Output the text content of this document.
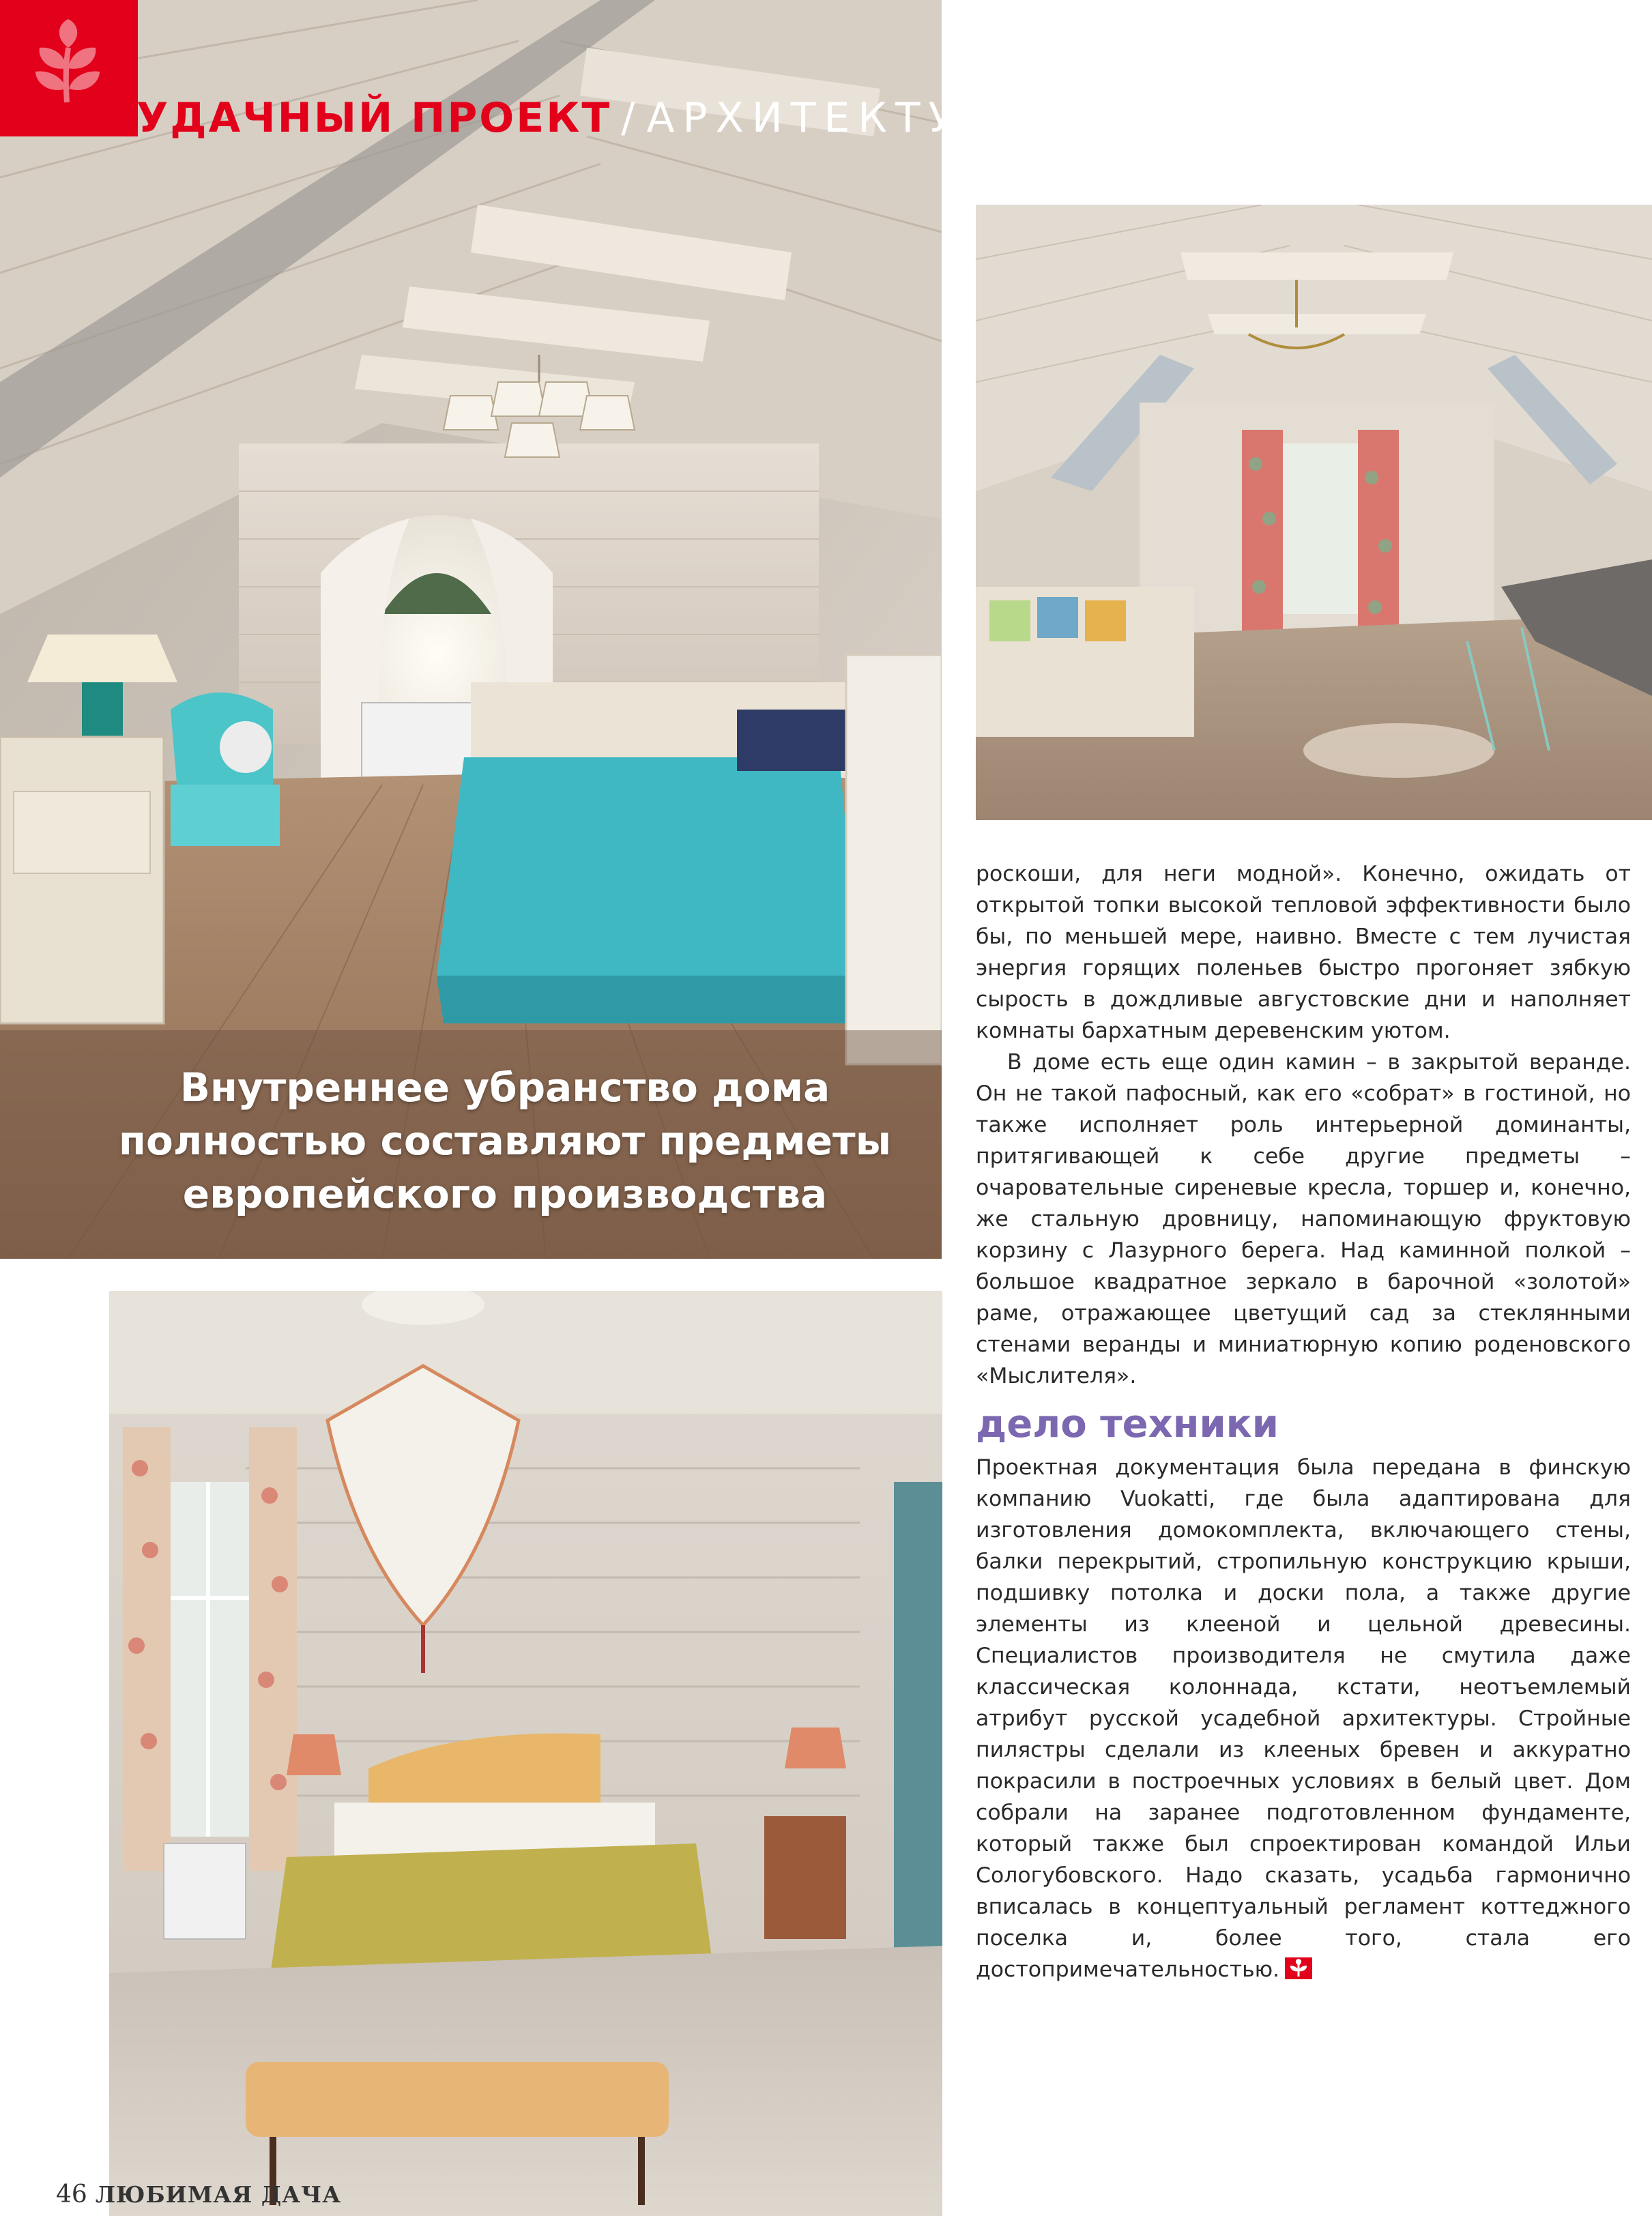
УДАЧНЫЙ ПРОЕКТ / АРХИТЕКТУРА
Внутреннее убранство дома
полностью составляют предметы
европейского производства

роскоши, для неги модной». Конечно, ожидать от открытой топки высокой тепловой эффективности было бы, по меньшей мере, наивно. Вместе с тем лучистая энергия горящих поленьев быстро прогоняет зябкую сырость в дождливые августовские дни и наполняет комнаты бархатным деревенским уютом.

В доме есть еще один камин – в закрытой веранде. Он не такой пафосный, как его «собрат» в гостиной, но также исполняет роль интерьерной доминанты, притягивающей к себе другие предметы – очаровательные сиреневые кресла, торшер и, конечно, же стальную дровницу, напоминающую фруктовую корзину с Лазурного берега. Над каминной полкой – большое квадратное зеркало в барочной «золотой» раме, отражающее цветущий сад за стеклянными стенами веранды и миниатюрную копию роденовского «Мыслителя».

дело техники

Проектная документация была передана в финскую компанию Vuokatti, где была адаптирована для изготовления домокомплекта, включающего стены, балки перекрытий, стропильную конструкцию крыши, подшивку потолка и доски пола, а также другие элементы из клееной и цельной древесины. Специалистов производителя не смутила даже классическая колоннада, кстати, неотъемлемый атрибут русской усадебной архитектуры. Стройные пилястры сделали из клееных бревен и аккуратно покрасили в построечных условиях в белый цвет. Дом собрали на заранее подготовленном фундаменте, который также был спроектирован командой Ильи Сологубовского. Надо сказать, усадьба гармонично вписалась в концептуальный регламент коттеджного поселка и, более того, стала его достопримечательностью.

46 ЛЮБИМАЯ ДАЧА
